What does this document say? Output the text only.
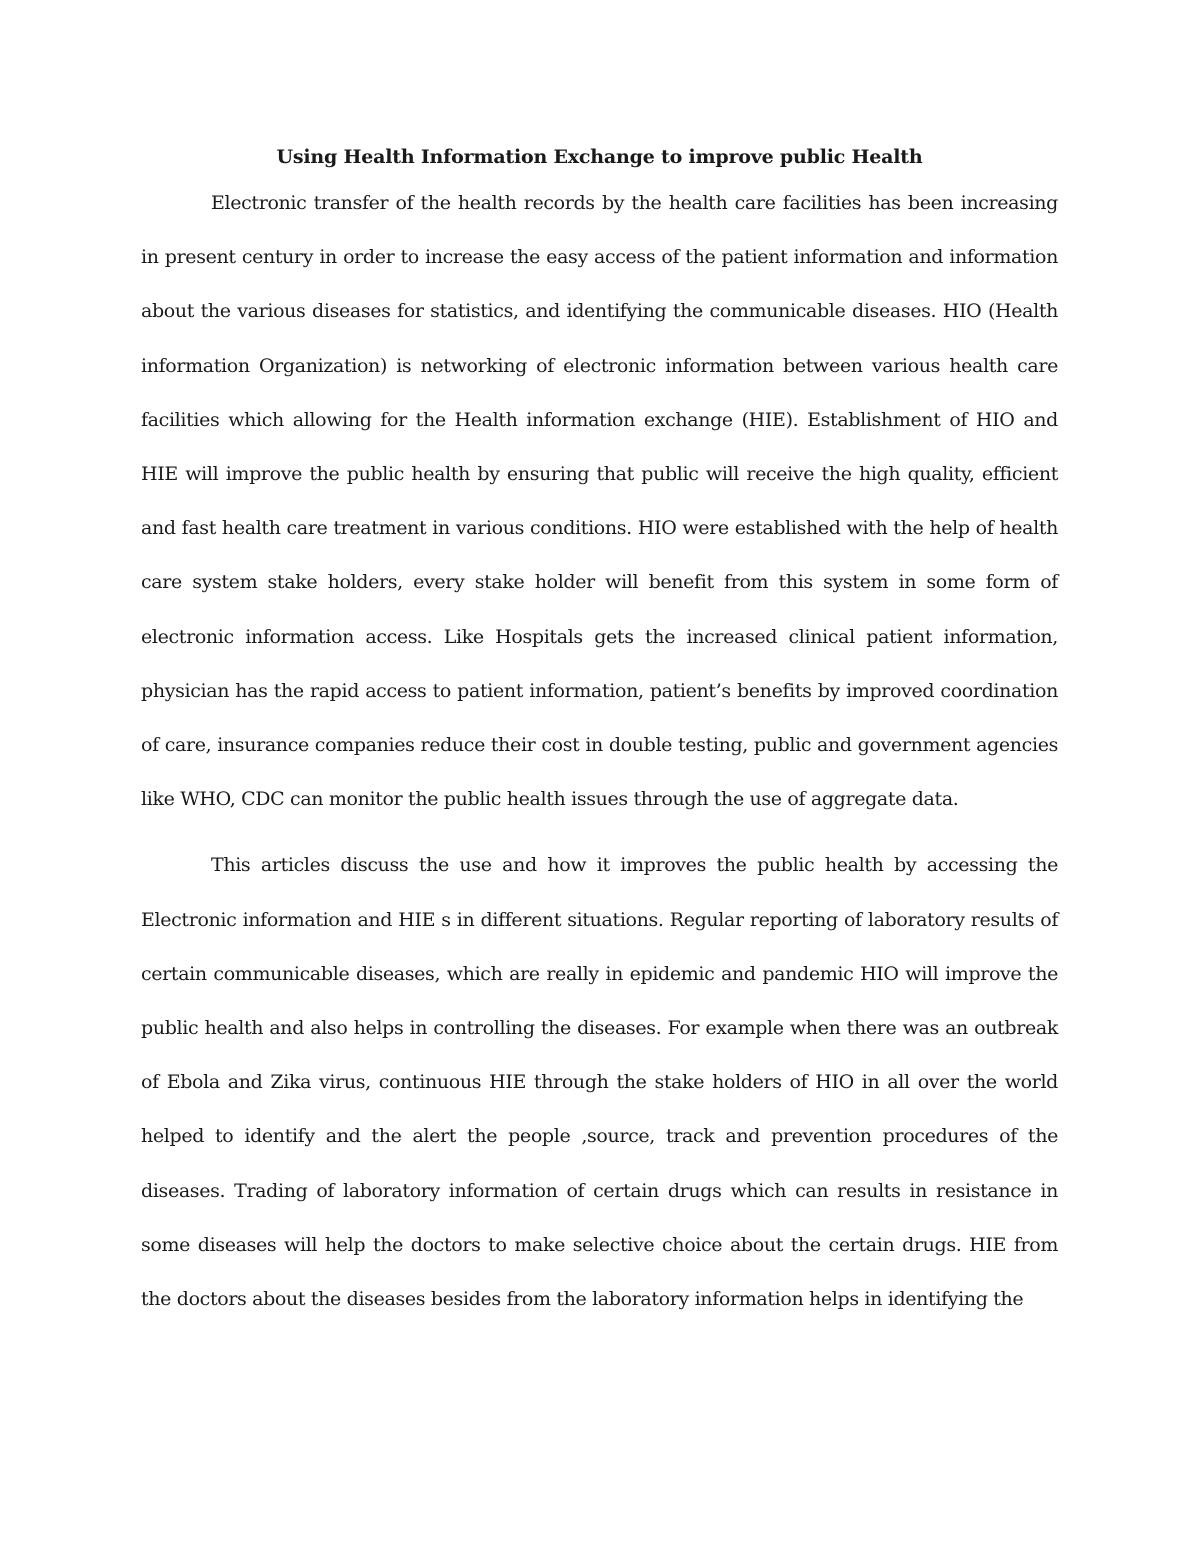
Using Health Information Exchange to improve public Health

Electronic transfer of the health records by the health care facilities has been increasing in present century in order to increase the easy access of the patient information and information about the various diseases for statistics, and identifying the communicable diseases. HIO (Health information Organization) is networking of electronic information between various health care facilities which allowing for the Health information exchange (HIE). Establishment of HIO and HIE will improve the public health by ensuring that public will receive the high quality, efficient and fast health care treatment in various conditions. HIO were established with the help of health care system stake holders, every stake holder will benefit from this system in some form of electronic information access. Like Hospitals gets the increased clinical patient information, physician has the rapid access to patient information, patient’s benefits by improved coordination of care, insurance companies reduce their cost in double testing, public and government agencies like WHO, CDC can monitor the public health issues through the use of aggregate data.

This articles discuss the use and how it improves the public health by accessing the Electronic information and HIE s in different situations. Regular reporting of laboratory results of certain communicable diseases, which are really in epidemic and pandemic HIO will improve the public health and also helps in controlling the diseases. For example when there was an outbreak of Ebola and Zika virus, continuous HIE through the stake holders of HIO in all over the world helped to identify and the alert the people ,source, track and prevention procedures of the diseases. Trading of laboratory information of certain drugs which can results in resistance in some diseases will help the doctors to make selective choice about the certain drugs. HIE from the doctors about the diseases besides from the laboratory information helps in identifying the
